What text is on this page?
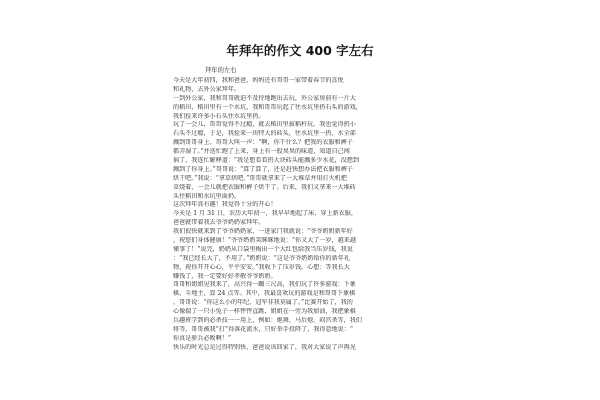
年拜年的作文 400 字左右
拜年的左右
今天是大年初四，我和爸爸、妈妈还有哥哥一家带着春节的喜悦
和礼物，去外公家拜年。
一到外公家，我和哥哥就迫不及待地跑出去玩，外公家房前有一片大
的稻田，稻田里有一个水坑，我和哥哥玩起了往水坑里扔石头的游戏，
我们捡来许多小石头往水坑里扔。
玩了一会儿，哥哥觉得不过瘾，就去稻田里拔稻杆玩。我也觉得扔小
石头不过瘾，于是，我捡来一块特大的砖头，往水坑里一扔，水全部
溅到哥哥身上。哥哥大叫一声：“啊，你干什么？把我的衣服和裤子
都弄湿了。”并迭忙跑了上来，身上有一股臭臭的味道，知道自己闯
祸了，我连忙解释道：“我是想看看扔大块砖头能溅多少水花，没想到
溅到了你身上。”哥哥说：“算了算了，还是赶快想办法把衣服和裤子
烘干吧。”我说：“拿草烘吧。”哥哥就拿来了一大堆草并用打火机把
草烧着，一会儿就把衣服和裤子烘干了。后来，我们又拿来一大堆砖
头往稻田和水坑里面扔。
这次拜年真有趣！我觉得十分的开心！
今天是 1 月 31 日，农历大年初一，我早早地起了床，穿上新衣服，
爸爸就带着我去爷爷奶奶家拜年。
我们很快就来到了爷爷奶奶家，一进家门我就说：“爷爷奶奶新年好
，祝您们身体健康！”爷爷奶奶笑眯眯地说：“你又大了一岁，越来越
懂事了！”说完，奶奶从口袋里掏出一个大红包给我当压岁钱，我说
：“我已经长大了，不用了。”奶奶说：“这是爷爷奶奶给你的新年礼
物，祝你开开心心，平平安安。”我收下了压岁钱，心想：等我长大
赚钱了，我一定要好好孝敬爷爷奶奶。
哥哥和姐姐见我来了，高兴得一蹦三尺高，我们玩了许多游戏：下象
棋、斗地主、算 24 点等。其中，我最喜欢玩的游戏是和哥哥下象棋
，哥哥说：“你这么小的年纪，冠军非我莫属了。”比赛开始了，我的
心像揣了一只小兔子一样怦怦直跳，姐姐在一旁为我加油，我把象棋
兵趣班学到的必杀技一一用上，例如：炮舞、马后炮、闷宫杀等，我们
将等，哥哥被我“打”得落花流水，只好举手投降了，我得意地说：“
你真是骄兵必败啊！”
快乐的时光总是过得特别快，爸爸说该回家了，我对大家说了声再见
